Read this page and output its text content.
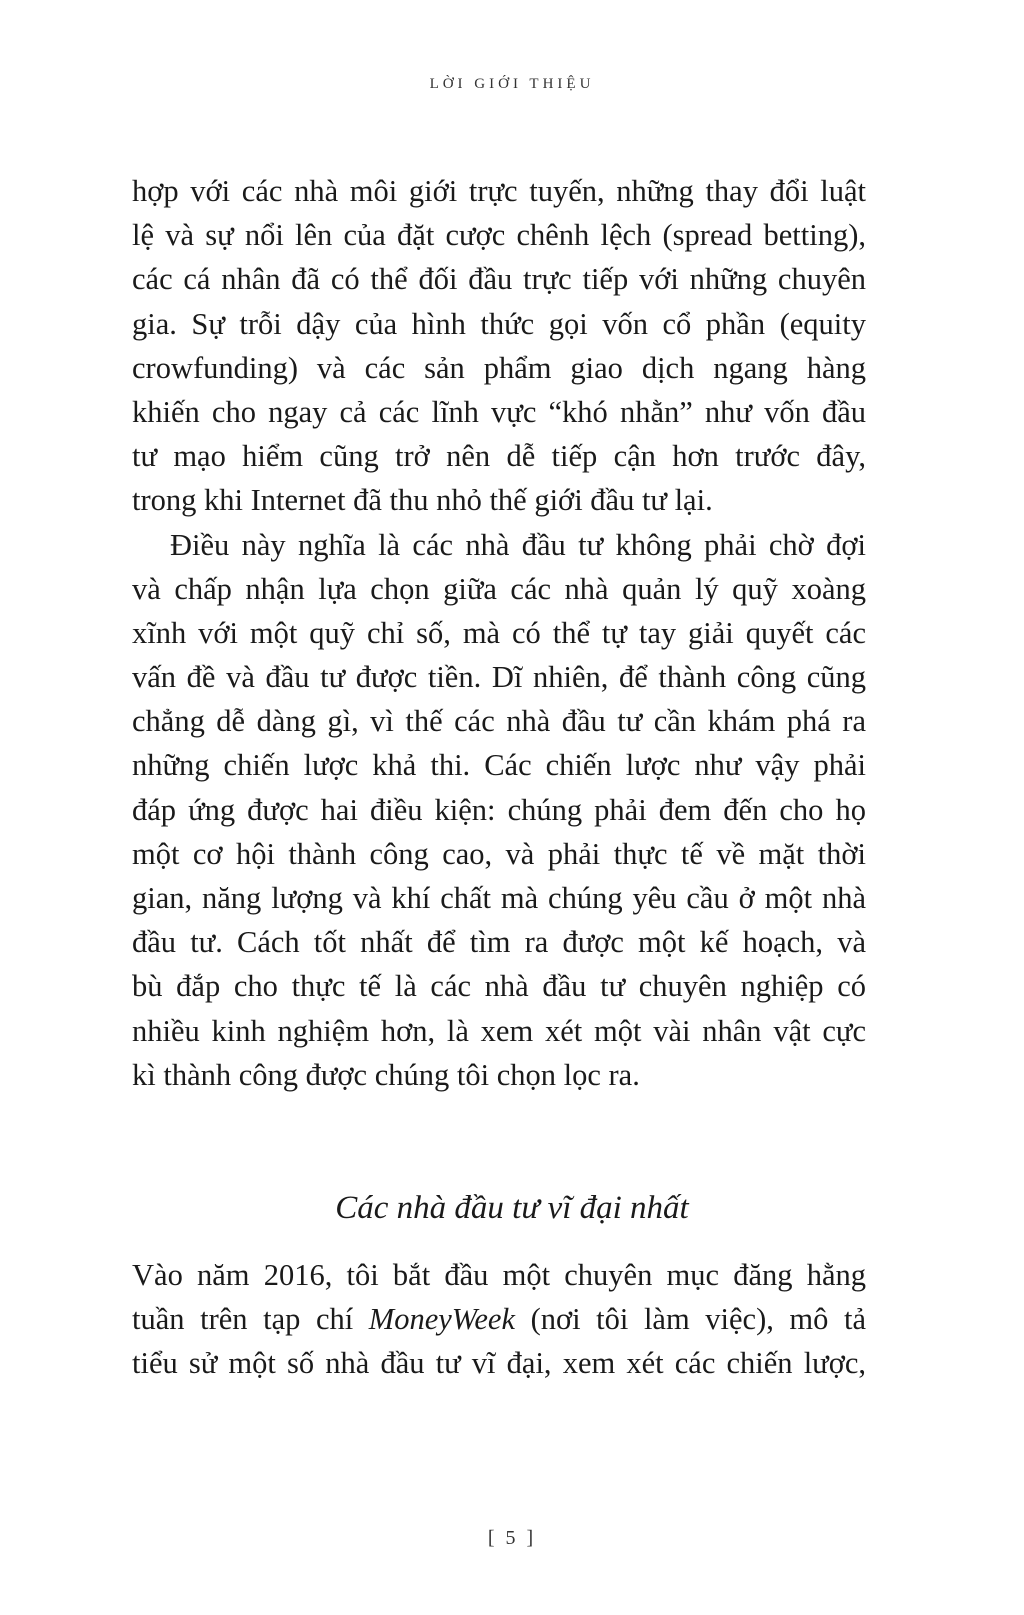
LỜI GIỚI THIỆU
hợp với các nhà môi giới trực tuyến, những thay đổi luật
lệ và sự nổi lên của đặt cược chênh lệch (spread betting),
các cá nhân đã có thể đối đầu trực tiếp với những chuyên
gia. Sự trỗi dậy của hình thức gọi vốn cổ phần (equity
crowfunding) và các sản phẩm giao dịch ngang hàng
khiến cho ngay cả các lĩnh vực “khó nhằn” như vốn đầu
tư mạo hiểm cũng trở nên dễ tiếp cận hơn trước đây,
trong khi Internet đã thu nhỏ thế giới đầu tư lại.
Điều này nghĩa là các nhà đầu tư không phải chờ đợi
và chấp nhận lựa chọn giữa các nhà quản lý quỹ xoàng
xĩnh với một quỹ chỉ số, mà có thể tự tay giải quyết các
vấn đề và đầu tư được tiền. Dĩ nhiên, để thành công cũng
chẳng dễ dàng gì, vì thế các nhà đầu tư cần khám phá ra
những chiến lược khả thi. Các chiến lược như vậy phải
đáp ứng được hai điều kiện: chúng phải đem đến cho họ
một cơ hội thành công cao, và phải thực tế về mặt thời
gian, năng lượng và khí chất mà chúng yêu cầu ở một nhà
đầu tư. Cách tốt nhất để tìm ra được một kế hoạch, và
bù đắp cho thực tế là các nhà đầu tư chuyên nghiệp có
nhiều kinh nghiệm hơn, là xem xét một vài nhân vật cực
kì thành công được chúng tôi chọn lọc ra.
Các nhà đầu tư vĩ đại nhất
Vào năm 2016, tôi bắt đầu một chuyên mục đăng hằng
tuần trên tạp chí MoneyWeek (nơi tôi làm việc), mô tả
tiểu sử một số nhà đầu tư vĩ đại, xem xét các chiến lược,
[ 5 ]
